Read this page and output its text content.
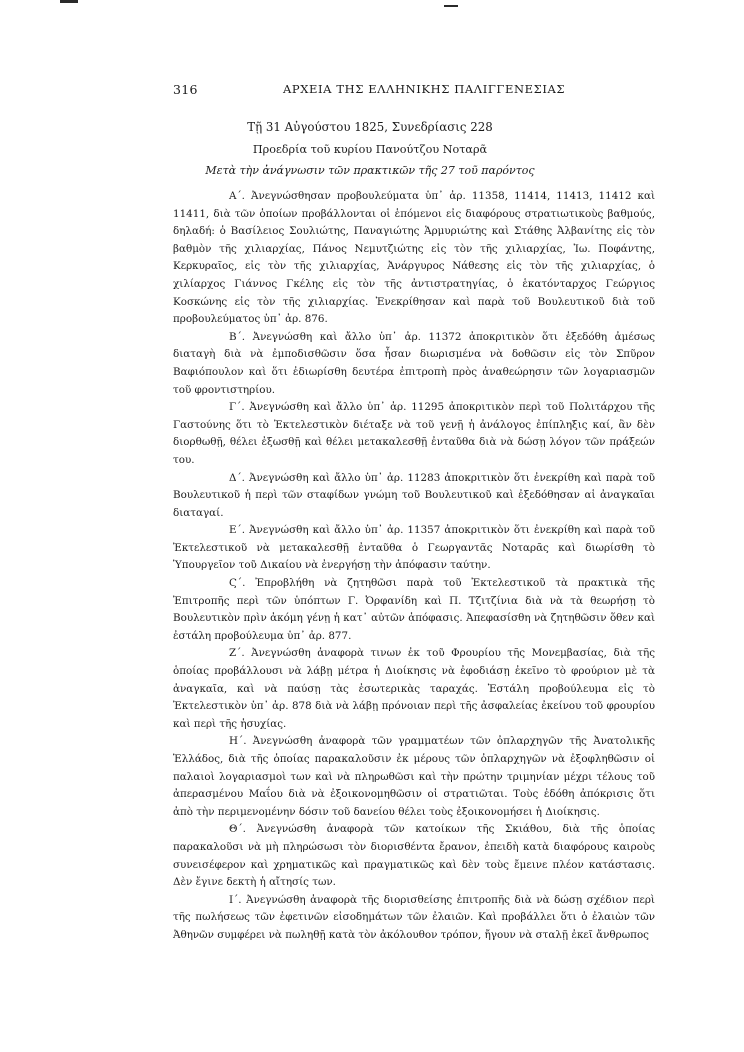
316	ΑΡΧΕΙΑ ΤΗΣ ΕΛΛΗΝΙΚΗΣ ΠΑΛΙΓΓΕΝΕΣΙΑΣ
Τῇ 31 Αὐγούστου 1825, Συνεδρίασις 228
Προεδρία τοῦ κυρίου Πανούτζου Νοταρᾶ
Μετὰ τὴν ἀνάγνωσιν τῶν πρακτικῶν τῆς 27 τοῦ παρόντος

Α΄. Ἀνεγνώσθησαν προβουλεύματα ὑπ᾽ ἀρ. 11358, 11414, 11413, 11412 καὶ 11411, διὰ τῶν ὁποίων προβάλλονται οἱ ἑπόμενοι εἰς διαφόρους στρατιωτικοὺς βαθμούς, δηλαδή: ὁ Βασίλειος Σουλιώτης, Παναγιώτης Ἁρμυριώτης καὶ Στάθης Ἀλβανίτης εἰς τὸν βαθμὸν τῆς χιλιαρχίας, Πάνος Νεμυτζιώτης εἰς τὸν τῆς χιλιαρχίας, Ἰω. Ποφάντης, Κερκυραῖος, εἰς τὸν τῆς χιλιαρχίας, Ἀνάργυρος Νάθεσης εἰς τὸν τῆς χιλιαρχίας, ὁ χιλίαρχος Γιάννος Γκέλης εἰς τὸν τῆς ἀντιστρατηγίας, ὁ ἑκατόνταρχος Γεώργιος Κοσκώνης εἰς τὸν τῆς χιλιαρχίας. Ἐνεκρίθησαν καὶ παρὰ τοῦ Βουλευτικοῦ διὰ τοῦ προβουλεύματος ὑπ᾽ ἀρ. 876.

Β΄. Ἀνεγνώσθη καὶ ἄλλο ὑπ᾽ ἀρ. 11372 ἀποκριτικὸν ὅτι ἐξεδόθη ἀμέσως διαταγὴ διὰ νὰ ἐμποδισθῶσιν ὅσα ἦσαν διωρισμένα νὰ δοθῶσιν εἰς τὸν Σπῦρον Βαφιόπουλον καὶ ὅτι ἐδιωρίσθη δευτέρα ἐπιτροπὴ πρὸς ἀναθεώρησιν τῶν λογαριασμῶν τοῦ φροντιστηρίου.

Γ΄. Ἀνεγνώσθη καὶ ἄλλο ὑπ᾽ ἀρ. 11295 ἀποκριτικὸν περὶ τοῦ Πολιτάρχου τῆς Γαστούνης ὅτι τὸ Ἐκτελεστικὸν διέταξε νὰ τοῦ γενῇ ἡ ἀνάλογος ἐπίπληξις καί, ἂν δὲν διορθωθῇ, θέλει ἐξωσθῇ καὶ θέλει μετακαλεσθῇ ἐνταῦθα διὰ νὰ δώσῃ λόγον τῶν πράξεών του.

Δ΄. Ἀνεγνώσθη καὶ ἄλλο ὑπ᾽ ἀρ. 11283 ἀποκριτικὸν ὅτι ἐνεκρίθη καὶ παρὰ τοῦ Βουλευτικοῦ ἡ περὶ τῶν σταφίδων γνώμη τοῦ Βουλευτικοῦ καὶ ἐξεδόθησαν αἱ ἀναγκαῖαι διαταγαί.

Ε΄. Ἀνεγνώσθη καὶ ἄλλο ὑπ᾽ ἀρ. 11357 ἀποκριτικὸν ὅτι ἐνεκρίθη καὶ παρὰ τοῦ Ἐκτελεστικοῦ νὰ μετακαλεσθῇ ἐνταῦθα ὁ Γεωργαντᾶς Νοταρᾶς καὶ διωρίσθη τὸ Ὑπουργεῖον τοῦ Δικαίου νὰ ἐνεργήσῃ τὴν ἀπόφασιν ταύτην.

Ϛ΄. Ἐπροβλήθη νὰ ζητηθῶσι παρὰ τοῦ Ἐκτελεστικοῦ τὰ πρακτικὰ τῆς Ἐπιτροπῆς περὶ τῶν ὑπόπτων Γ. Ὀρφανίδη καὶ Π. Τζιτζίνια διὰ νὰ τὰ θεωρήσῃ τὸ Βουλευτικὸν πρὶν ἀκόμη γένῃ ἡ κατ᾽ αὐτῶν ἀπόφασις. Ἀπεφασίσθη νὰ ζητηθῶσιν ὅθεν καὶ ἐστάλη προβούλευμα ὑπ᾽ ἀρ. 877.

Ζ΄. Ἀνεγνώσθη ἀναφορὰ τινων ἐκ τοῦ Φρουρίου τῆς Μονεμβασίας, διὰ τῆς ὁποίας προβάλλουσι νὰ λάβῃ μέτρα ἡ Διοίκησις νὰ ἐφοδιάσῃ ἐκεῖνο τὸ φρούριον μὲ τὰ ἀναγκαῖα, καὶ νὰ παύσῃ τὰς ἐσωτερικὰς ταραχάς. Ἐστάλη προβούλευμα εἰς τὸ Ἐκτελεστικὸν ὑπ᾽ ἀρ. 878 διὰ νὰ λάβῃ πρόνοιαν περὶ τῆς ἀσφαλείας ἐκείνου τοῦ φρουρίου καὶ περὶ τῆς ἡσυχίας.

Η΄. Ἀνεγνώσθη ἀναφορὰ τῶν γραμματέων τῶν ὀπλαρχηγῶν τῆς Ἀνατολικῆς Ἑλλάδος, διὰ τῆς ὁποίας παρακαλοῦσιν ἐκ μέρους τῶν ὀπλαρχηγῶν νὰ ἐξοφληθῶσιν οἱ παλαιοὶ λογαριασμοὶ των καὶ νὰ πληρωθῶσι καὶ τὴν πρώτην τριμηνίαν μέχρι τέλους τοῦ ἀπερασμένου Μαΐου διὰ νὰ ἐξοικονομηθῶσιν οἱ στρατιῶται. Τοὺς ἐδόθη ἀπόκρισις ὅτι ἀπὸ τὴν περιμενομένην δόσιν τοῦ δανείου θέλει τοὺς ἐξοικονομήσει ἡ Διοίκησις.

Θ΄. Ἀνεγνώσθη ἀναφορὰ τῶν κατοίκων τῆς Σκιάθου, διὰ τῆς ὁποίας παρακαλοῦσι νὰ μὴ πληρώσωσι τὸν διορισθέντα ἔρανον, ἐπειδὴ κατὰ διαφόρους καιροὺς συνεισέφερον καὶ χρηματικῶς καὶ πραγματικῶς καὶ δὲν τοὺς ἔμεινε πλέον κατάστασις. Δὲν ἔγινε δεκτὴ ἡ αἴτησίς των.

Ι΄. Ἀνεγνώσθη ἀναφορὰ τῆς διορισθείσης ἐπιτροπῆς διὰ νὰ δώσῃ σχέδιον περὶ τῆς πωλήσεως τῶν ἐφετινῶν εἰσοδημάτων τῶν ἐλαιῶν. Καὶ προβάλλει ὅτι ὁ ἐλαιὼν τῶν Ἀθηνῶν συμφέρει νὰ πωληθῇ κατὰ τὸν ἀκόλουθον τρόπον, ἤγουν νὰ σταλῇ ἐκεῖ ἄνθρωπος
